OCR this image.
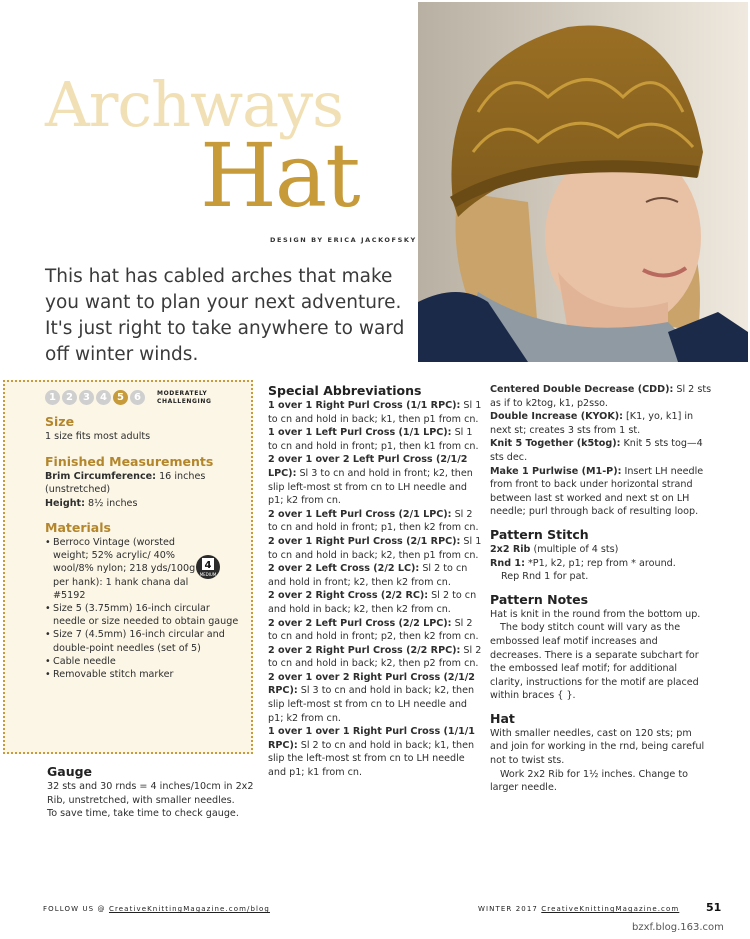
Archways
Hat
DESIGN BY ERICA JACKOFSKY

This hat has cabled arches that make you want to plan your next adventure. It's just right to take anywhere to ward off winter winds.

1	2	3	4	5	6	MODERATELY
CHALLENGING
Size
1 size fits most adults
Finished Measurements
Brim Circumference: 16 inches (unstretched)
Height: 8½ inches
Materials
• Berroco Vintage (worsted weight; 52% acrylic/ 40% wool/8% nylon; 218 yds/100g per hank): 1 hank chana dal #5192
• Size 5 (3.75mm) 16-inch circular needle or size needed to obtain gauge
• Size 7 (4.5mm) 16-inch circular and double-point needles (set of 5)
• Cable needle
• Removable stitch marker
4
MEDIUM
Gauge
32 sts and 30 rnds = 4 inches/10cm in 2x2 Rib, unstretched, with smaller needles.
To save time, take time to check gauge.
Special Abbreviations
1 over 1 Right Purl Cross (1/1 RPC): Sl 1 to cn and hold in back; k1, then p1 from cn.
1 over 1 Left Purl Cross (1/1 LPC): Sl 1 to cn and hold in front; p1, then k1 from cn.
2 over 1 over 2 Left Purl Cross (2/1/2 LPC): Sl 3 to cn and hold in front; k2, then slip left-most st from cn to LH needle and p1; k2 from cn.
2 over 1 Left Purl Cross (2/1 LPC): Sl 2 to cn and hold in front; p1, then k2 from cn.
2 over 1 Right Purl Cross (2/1 RPC): Sl 1 to cn and hold in back; k2, then p1 from cn.
2 over 2 Left Cross (2/2 LC): Sl 2 to cn and hold in front; k2, then k2 from cn.
2 over 2 Right Cross (2/2 RC): Sl 2 to cn and hold in back; k2, then k2 from cn.
2 over 2 Left Purl Cross (2/2 LPC): Sl 2 to cn and hold in front; p2, then k2 from cn.
2 over 2 Right Purl Cross (2/2 RPC): Sl 2 to cn and hold in back; k2, then p2 from cn.
2 over 1 over 2 Right Purl Cross (2/1/2 RPC): Sl 3 to cn and hold in back; k2, then slip left-most st from cn to LH needle and p1; k2 from cn.
1 over 1 over 1 Right Purl Cross (1/1/1 RPC): Sl 2 to cn and hold in back; k1, then slip the left-most st from cn to LH needle and p1; k1 from cn.
Centered Double Decrease (CDD): Sl 2 sts as if to k2tog, k1, p2sso.
Double Increase (KYOK): [K1, yo, k1] in next st; creates 3 sts from 1 st.
Knit 5 Together (k5tog): Knit 5 sts tog—4 sts dec.
Make 1 Purlwise (M1-P): Insert LH needle from front to back under horizontal strand between last st worked and next st on LH needle; purl through back of resulting loop.
Pattern Stitch
2x2 Rib (multiple of 4 sts)
Rnd 1: *P1, k2, p1; rep from * around.
Rep Rnd 1 for pat.
Pattern Notes
Hat is knit in the round from the bottom up.
The body stitch count will vary as the embossed leaf motif increases and decreases. There is a separate subchart for the embossed leaf motif; for additional clarity, instructions for the motif are placed within braces { }.
Hat
With smaller needles, cast on 120 sts; pm and join for working in the rnd, being careful not to twist sts.
Work 2x2 Rib for 1½ inches. Change to larger needle.
FOLLOW US @ CreativeKnittingMagazine.com/blog	WINTER 2017 CreativeKnittingMagazine.com 51
bzxf.blog.163.com
